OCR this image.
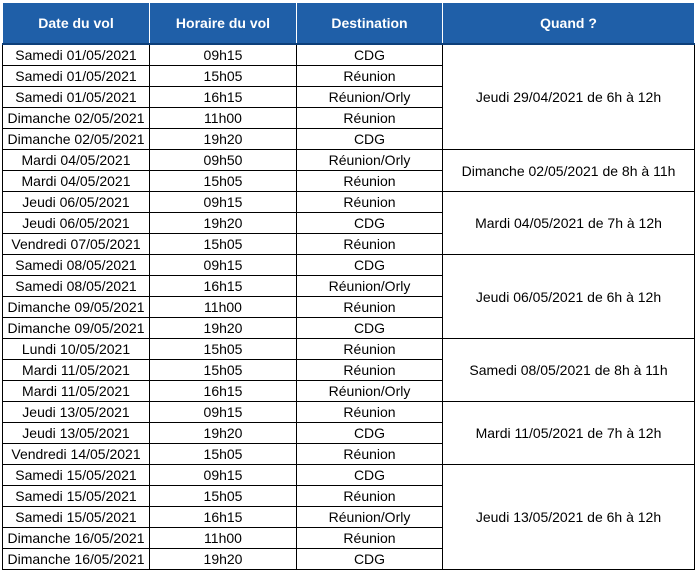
Date du vol	Horaire du vol	Destination	Quand ?
Samedi 01/05/2021	09h15	CDG	Jeudi 29/04/2021 de 6h à 12h
Samedi 01/05/2021	15h05	Réunion	
Samedi 01/05/2021	16h15	Réunion/Orly	
Dimanche 02/05/2021	11h00	Réunion	
Dimanche 02/05/2021	19h20	CDG	
Mardi 04/05/2021	09h50	Réunion/Orly	Dimanche 02/05/2021 de 8h à 11h
Mardi 04/05/2021	15h05	Réunion	
Jeudi 06/05/2021	09h15	Réunion	Mardi 04/05/2021 de 7h à 12h
Jeudi 06/05/2021	19h20	CDG	
Vendredi 07/05/2021	15h05	Réunion	
Samedi 08/05/2021	09h15	CDG	Jeudi 06/05/2021 de 6h à 12h
Samedi 08/05/2021	16h15	Réunion/Orly	
Dimanche 09/05/2021	11h00	Réunion	
Dimanche 09/05/2021	19h20	CDG	
Lundi 10/05/2021	15h05	Réunion	Samedi 08/05/2021 de 8h à 11h
Mardi 11/05/2021	15h05	Réunion	
Mardi 11/05/2021	16h15	Réunion/Orly	
Jeudi 13/05/2021	09h15	Réunion	Mardi 11/05/2021 de 7h à 12h
Jeudi 13/05/2021	19h20	CDG	
Vendredi 14/05/2021	15h05	Réunion	
Samedi 15/05/2021	09h15	CDG	Jeudi 13/05/2021 de 6h à 12h
Samedi 15/05/2021	15h05	Réunion	
Samedi 15/05/2021	16h15	Réunion/Orly	
Dimanche 16/05/2021	11h00	Réunion	
Dimanche 16/05/2021	19h20	CDG	
